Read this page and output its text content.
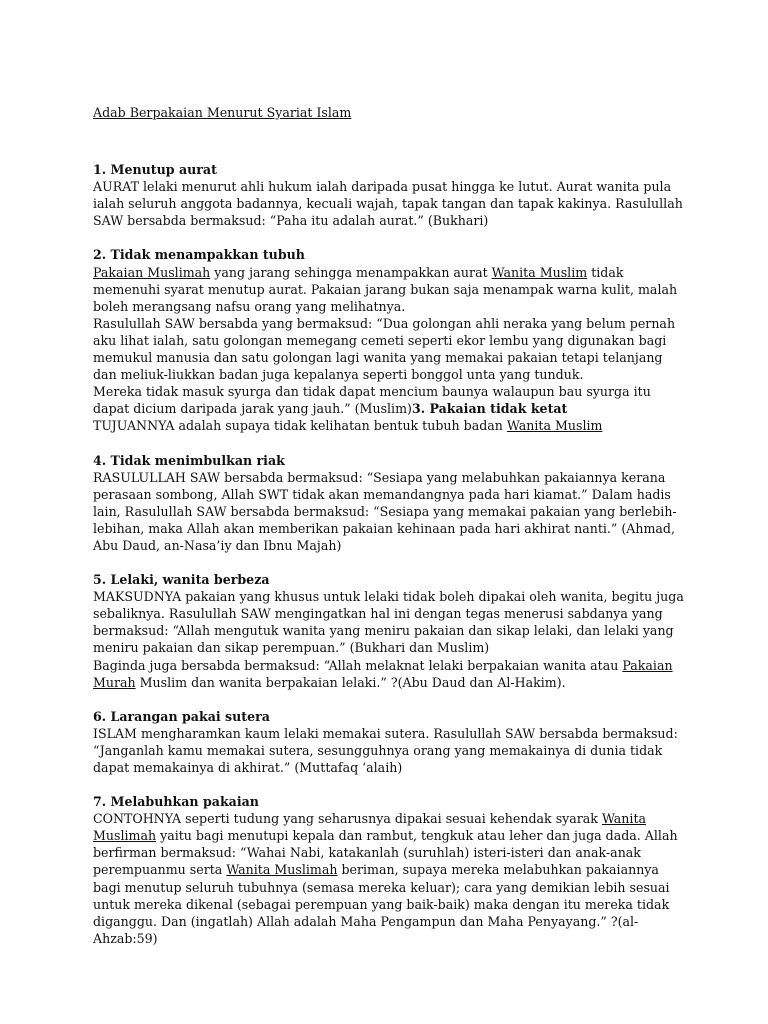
Adab Berpakaian Menurut Syariat Islam

1. Menutup aurat

AURAT lelaki menurut ahli hukum ialah daripada pusat hingga ke lutut. Aurat wanita pula ialah seluruh anggota badannya, kecuali wajah, tapak tangan dan tapak kakinya. Rasulullah SAW bersabda bermaksud: “Paha itu adalah aurat.” (Bukhari)

2. Tidak menampakkan tubuh

Pakaian Muslimah yang jarang sehingga menampakkan aurat Wanita Muslim tidak memenuhi syarat menutup aurat. Pakaian jarang bukan saja menampak warna kulit, malah boleh merangsang nafsu orang yang melihatnya.

Rasulullah SAW bersabda yang bermaksud: “Dua golongan ahli neraka yang belum pernah aku lihat ialah, satu golongan memegang cemeti seperti ekor lembu yang digunakan bagi memukul manusia dan satu golongan lagi wanita yang memakai pakaian tetapi telanjang dan meliuk-liukkan badan juga kepalanya seperti bonggol unta yang tunduk.

Mereka tidak masuk syurga dan tidak dapat mencium baunya walaupun bau syurga itu dapat dicium daripada jarak yang jauh.” (Muslim)3. Pakaian tidak ketat

TUJUANNYA adalah supaya tidak kelihatan bentuk tubuh badan Wanita Muslim

4. Tidak menimbulkan riak

RASULULLAH SAW bersabda bermaksud: “Sesiapa yang melabuhkan pakaiannya kerana perasaan sombong, Allah SWT tidak akan memandangnya pada hari kiamat.” Dalam hadis lain, Rasulullah SAW bersabda bermaksud: “Sesiapa yang memakai pakaian yang berlebih-lebihan, maka Allah akan memberikan pakaian kehinaan pada hari akhirat nanti.” (Ahmad, Abu Daud, an-Nasa’iy dan Ibnu Majah)

5. Lelaki, wanita berbeza

MAKSUDNYA pakaian yang khusus untuk lelaki tidak boleh dipakai oleh wanita, begitu juga sebaliknya. Rasulullah SAW mengingatkan hal ini dengan tegas menerusi sabdanya yang bermaksud: “Allah mengutuk wanita yang meniru pakaian dan sikap lelaki, dan lelaki yang meniru pakaian dan sikap perempuan.” (Bukhari dan Muslim)

Baginda juga bersabda bermaksud: “Allah melaknat lelaki berpakaian wanita atau Pakaian Murah Muslim dan wanita berpakaian lelaki.” ?(Abu Daud dan Al-Hakim).

6. Larangan pakai sutera

ISLAM mengharamkan kaum lelaki memakai sutera. Rasulullah SAW bersabda bermaksud: “Janganlah kamu memakai sutera, sesungguhnya orang yang memakainya di dunia tidak dapat memakainya di akhirat.” (Muttafaq ‘alaih)

7. Melabuhkan pakaian

CONTOHNYA seperti tudung yang seharusnya dipakai sesuai kehendak syarak Wanita Muslimah yaitu bagi menutupi kepala dan rambut, tengkuk atau leher dan juga dada. Allah berfirman bermaksud: “Wahai Nabi, katakanlah (suruhlah) isteri-isteri dan anak-anak perempuanmu serta Wanita Muslimah beriman, supaya mereka melabuhkan pakaiannya bagi menutup seluruh tubuhnya (semasa mereka keluar); cara yang demikian lebih sesuai untuk mereka dikenal (sebagai perempuan yang baik-baik) maka dengan itu mereka tidak diganggu. Dan (ingatlah) Allah adalah Maha Pengampun dan Maha Penyayang.” ?(al-Ahzab:59)
